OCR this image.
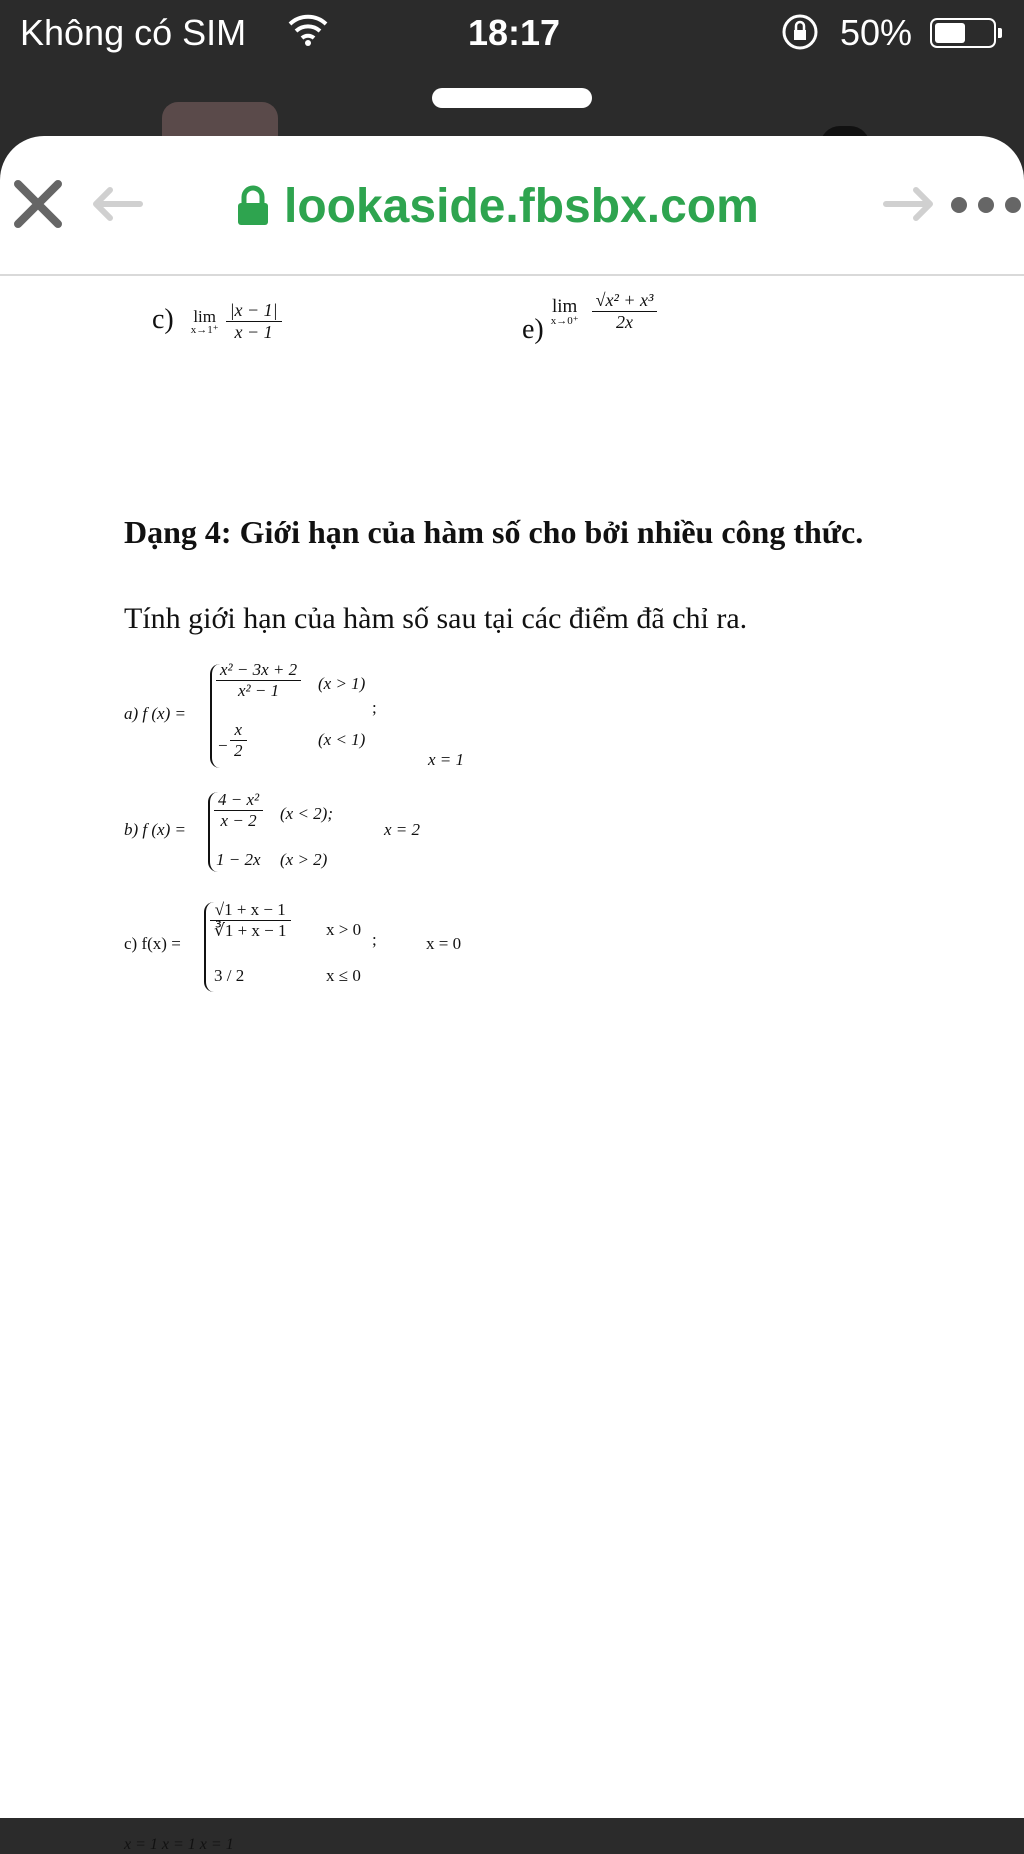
Không có SIM	18:17	50%
lookaside.fbsbx.com
c) lim
x→1⁺
$\frac{|x - 1|}{x - 1}$	e) lim
x→0⁺
$\frac{\text{√x² + x³}}{2x}$
Dạng 4: Giới hạn của hàm số cho bởi nhiều công thức.
Tính giới hạn của hàm số sau tại các điểm đã chỉ ra.
a) f (x) =
$\frac{\text{x² − 3x + 2}}{\text{x² − 1}} (x > 1)$
;
− $\frac{x}{2}$	(x < 1)
x = 1
b) f $(x) = \frac{\text{4 − x²}}{x - 2} (x < 2)$;
x = 2
1 − 2x (x > 2)
c) f(x) =
$\frac{√1 + x - 1}{∛1 + x - 1}$ x > 0
;	x = 0
3 / 2	x ≤ 0
x = 1 x = 1 x = 1
